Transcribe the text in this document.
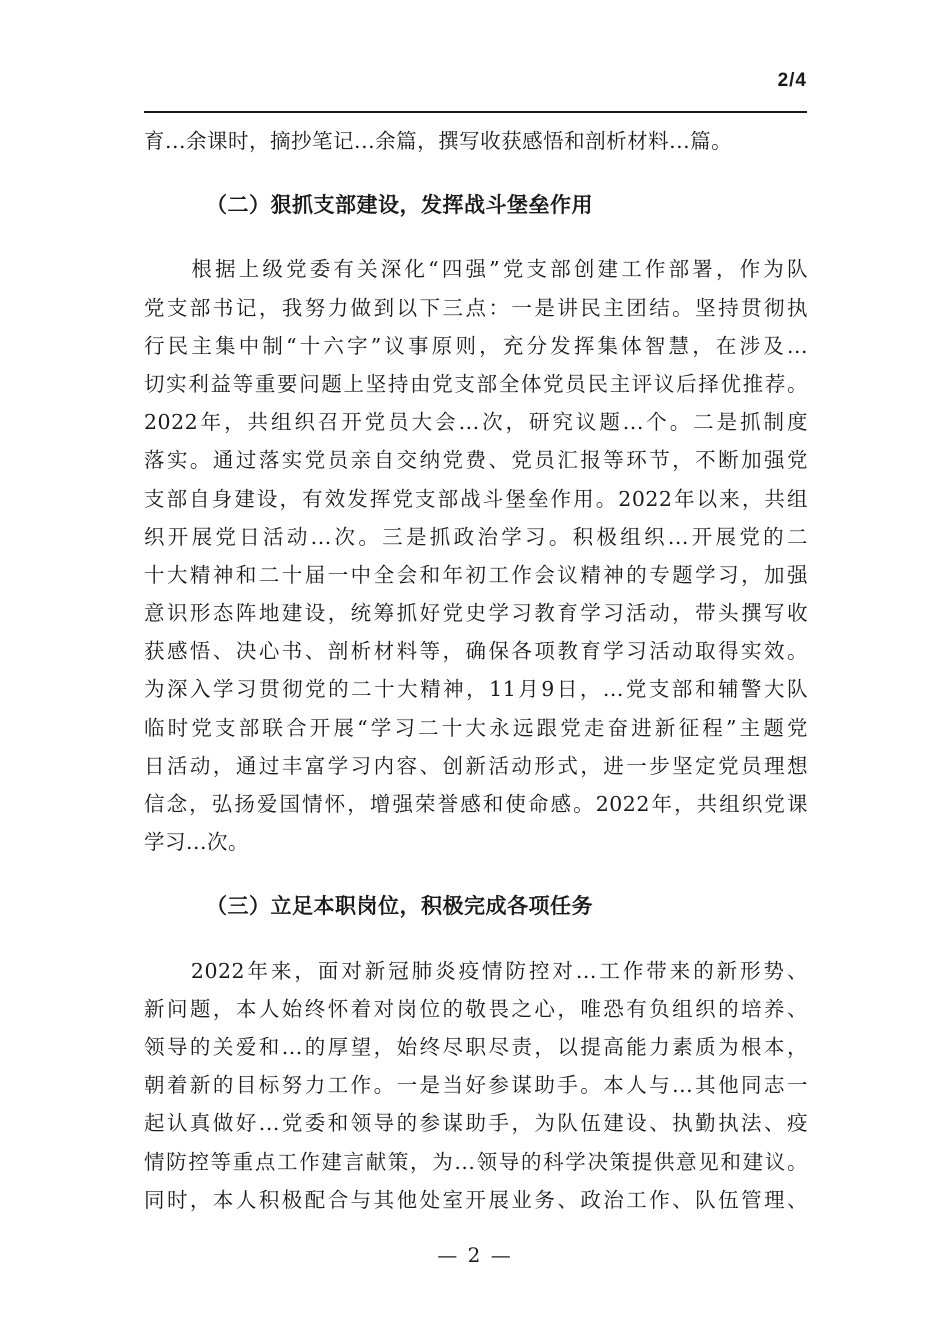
2/4
育...余课时，摘抄笔记...余篇，撰写收获感悟和剖析材料...篇。
（二）狠抓支部建设，发挥战斗堡垒作用
　　根据上级党委有关深化“四强”党支部创建工作部署，作为队
党支部书记，我努力做到以下三点：一是讲民主团结。坚持贯彻执
行民主集中制“十六字”议事原则，充分发挥集体智慧，在涉及...
切实利益等重要问题上坚持由党支部全体党员民主评议后择优推荐。
2022年，共组织召开党员大会...次，研究议题...个。二是抓制度
落实。通过落实党员亲自交纳党费、党员汇报等环节，不断加强党
支部自身建设，有效发挥党支部战斗堡垒作用。2022年以来，共组
织开展党日活动...次。三是抓政治学习。积极组织...开展党的二
十大精神和二十届一中全会和年初工作会议精神的专题学习，加强
意识形态阵地建设，统筹抓好党史学习教育学习活动，带头撰写收
获感悟、决心书、剖析材料等，确保各项教育学习活动取得实效。
为深入学习贯彻党的二十大精神，11月9日，...党支部和辅警大队
临时党支部联合开展“学习二十大永远跟党走奋进新征程”主题党
日活动，通过丰富学习内容、创新活动形式，进一步坚定党员理想
信念，弘扬爱国情怀，增强荣誉感和使命感。2022年，共组织党课
学习...次。
（三）立足本职岗位，积极完成各项任务
　　2022年来，面对新冠肺炎疫情防控对...工作带来的新形势、
新问题，本人始终怀着对岗位的敬畏之心，唯恐有负组织的培养、
领导的关爱和...的厚望，始终尽职尽责，以提高能力素质为根本，
朝着新的目标努力工作。一是当好参谋助手。本人与...其他同志一
起认真做好...党委和领导的参谋助手，为队伍建设、执勤执法、疫
情防控等重点工作建言献策，为...领导的科学决策提供意见和建议。
同时，本人积极配合与其他处室开展业务、政治工作、队伍管理、
— 2 —
